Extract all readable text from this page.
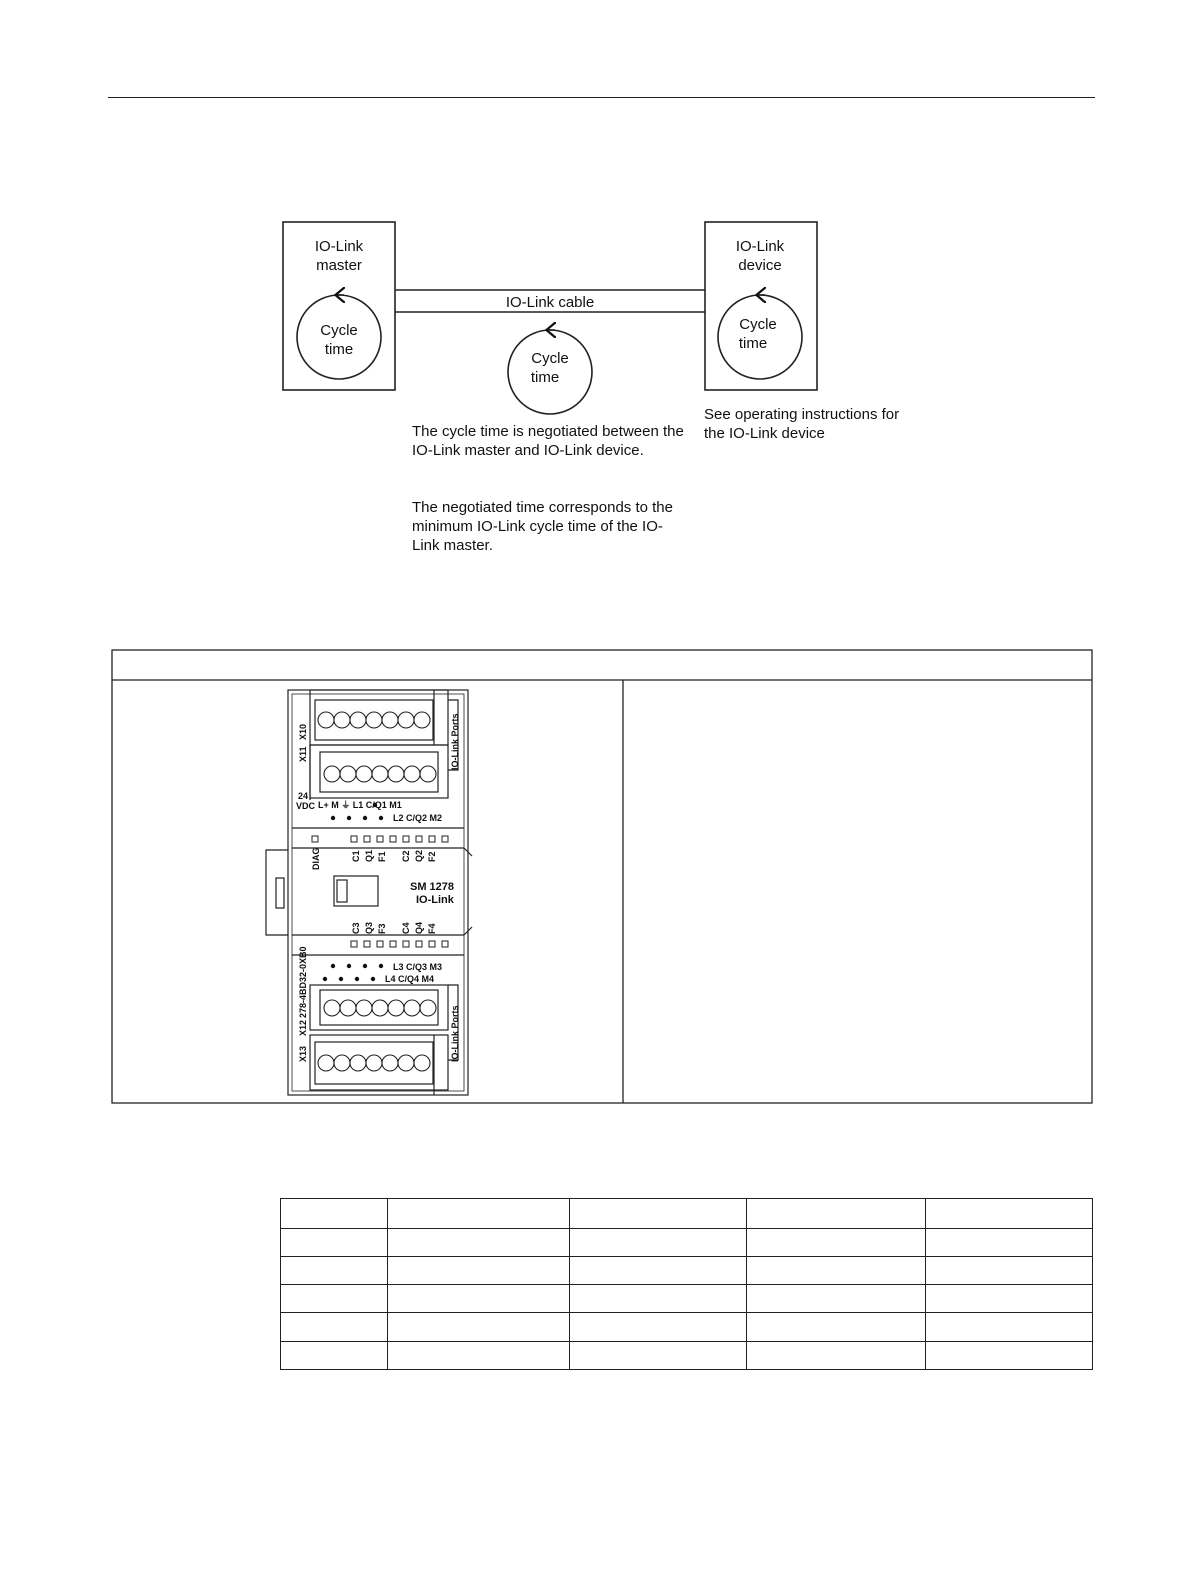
IO-Link
master
Cycle
time
IO-Link cable
Cycle
time
IO-Link
device
Cycle
time
X10
X11
24
VDC
IO-Link Ports
L+ M ⏚ L1 C/Q1 M1
L2 C/Q2 M2
DIAG	C1 Q1 F1 C2 Q2 F2
SM 1278
IO-Link
C3 Q3 F3 C4 Q4 F4
L3 C/Q3 M3
L4 C/Q4 M4
278-4BD32-0XB0
X12
X13	IO-Link Ports
See operating instructions for the IO-Link device
The cycle time is negotiated between the IO-Link master and IO-Link device.
The negotiated time corresponds to the minimum IO-Link cycle time of the IO-Link master.
